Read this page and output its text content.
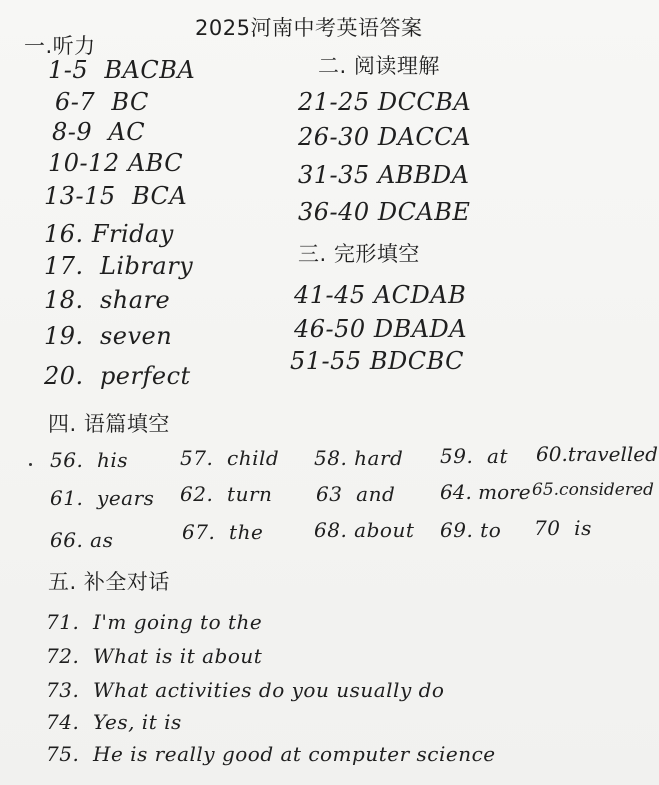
2025河南中考英语答案
一.听力
1-5 BACBA
6-7 BC
8-9 AC
10-12 ABC
13-15 BCA
16. Friday
17. Library
18. share
19. seven
20. perfect
二. 阅读理解
21-25 DCCBA
26-30 DACCA
31-35 ABBDA
36-40 DCABE
三. 完形填空
41-45 ACDAB
46-50 DBADA
51-55 BDCBC
四. 语篇填空
56. his	57. child 58. hard 59. at 60.travelled
61. years 62. turn 63 and 64. more 65.considered
66. as	67. the	68. about 69. to 70 is
五. 补全对话
71. I'm going to the
72. What is it about
73. What activities do you usually do
74. Yes, it is
75. He is really good at computer science
